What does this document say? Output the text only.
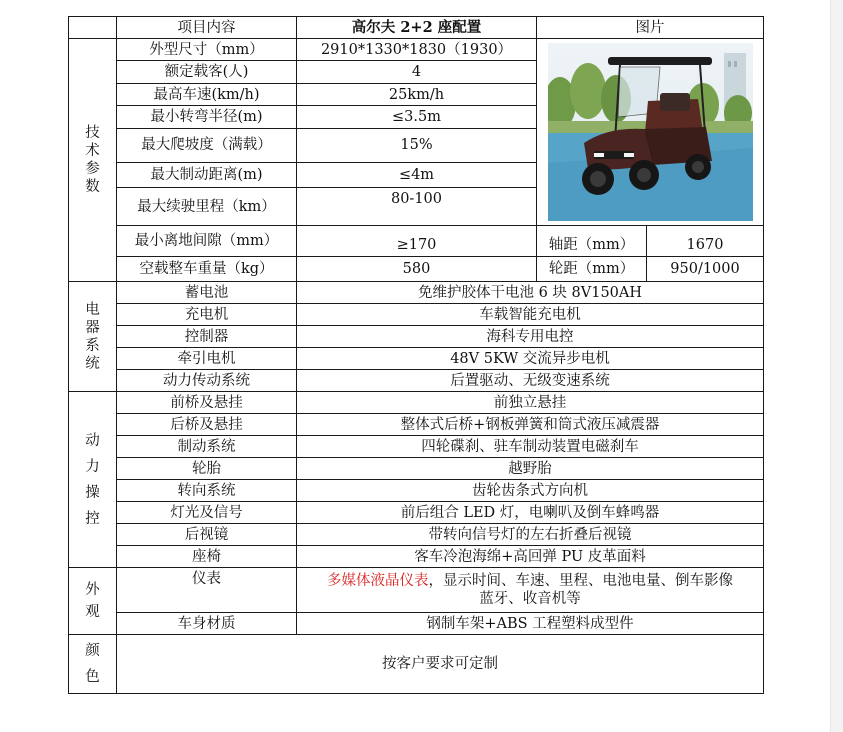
	项目内容	高尔夫 2+2 座配置	图片	

技术参数	外型尺寸（mm）	2910*1330*1830（1930）	

	额定载客(人)	4		
	最高车速(km/h)	25km/h		
	最小转弯半径(m)	≤3.5m		
	最大爬坡度（满载）	15%		
	最大制动距离(m)	≤4m		
	最大续驶里程（km）	80-100		
	最小离地间隙（mm）	≥170	轴距（mm）	1670
	空载整车重量（kg）	580	轮距（mm）	950/1000

电器系统	蓄电池	免维护胶体干电池 6 块 8V150AH		
	充电机	车载智能充电机		
	控制器	海科专用电控		
	牵引电机	48V 5KW 交流异步电机		
	动力传动系统	后置驱动、无级变速系统		

动力操控	前桥及悬挂	前独立悬挂		
	后桥及悬挂	整体式后桥+钢板弹簧和筒式液压减震器		
	制动系统	四轮碟刹、驻车制动装置电磁刹车		
	轮胎	越野胎		
	转向系统	齿轮齿条式方向机		
	灯光及信号	前后组合 LED 灯，电喇叭及倒车蜂鸣器		
	后视镜	带转向信号灯的左右折叠后视镜		
	座椅	客车冷泡海绵+高回弹 PU 皮革面料		

外观	仪表	多媒体液晶仪表，显示时间、车速、里程、电池电量、倒车影像
蓝牙、收音机等		
	车身材质	钢制车架+ABS 工程塑料成型件		

颜色	按客户要求可定制			
